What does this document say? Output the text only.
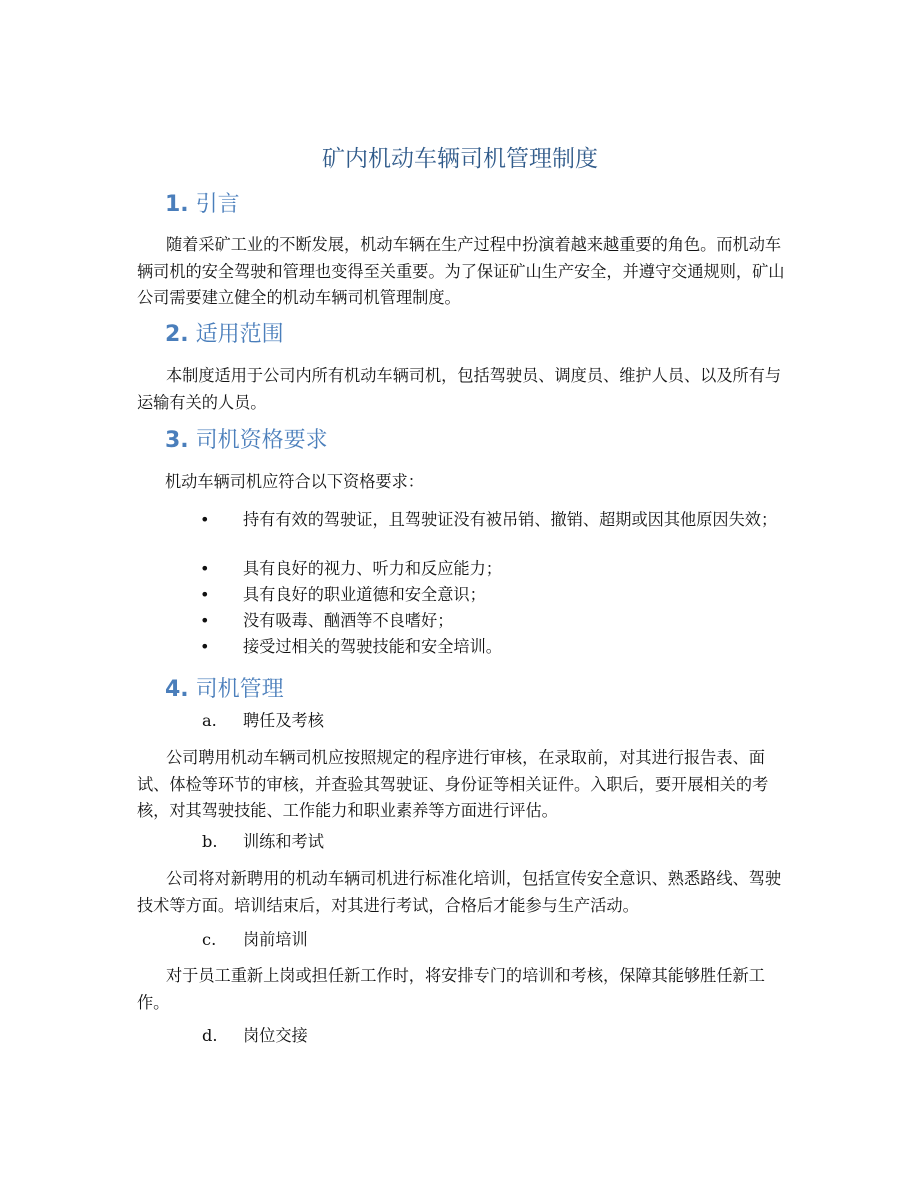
矿内机动车辆司机管理制度
1. 引言
随着采矿工业的不断发展，机动车辆在生产过程中扮演着越来越重要的角色。而机动车辆司机的安全驾驶和管理也变得至关重要。为了保证矿山生产安全，并遵守交通规则，矿山公司需要建立健全的机动车辆司机管理制度。
2. 适用范围
本制度适用于公司内所有机动车辆司机，包括驾驶员、调度员、维护人员、以及所有与运输有关的人员。
3. 司机资格要求
机动车辆司机应符合以下资格要求：
•	持有有效的驾驶证，且驾驶证没有被吊销、撤销、超期或因其他原因失效；
•	具有良好的视力、听力和反应能力；
•	具有良好的职业道德和安全意识；
•	没有吸毒、酗酒等不良嗜好；
•	接受过相关的驾驶技能和安全培训。
4. 司机管理
a. 聘任及考核
公司聘用机动车辆司机应按照规定的程序进行审核，在录取前，对其进行报告表、面试、体检等环节的审核，并查验其驾驶证、身份证等相关证件。入职后，要开展相关的考核，对其驾驶技能、工作能力和职业素养等方面进行评估。
b. 训练和考试
公司将对新聘用的机动车辆司机进行标准化培训，包括宣传安全意识、熟悉路线、驾驶技术等方面。培训结束后，对其进行考试，合格后才能参与生产活动。
c. 岗前培训
对于员工重新上岗或担任新工作时，将安排专门的培训和考核，保障其能够胜任新工作。
d. 岗位交接
